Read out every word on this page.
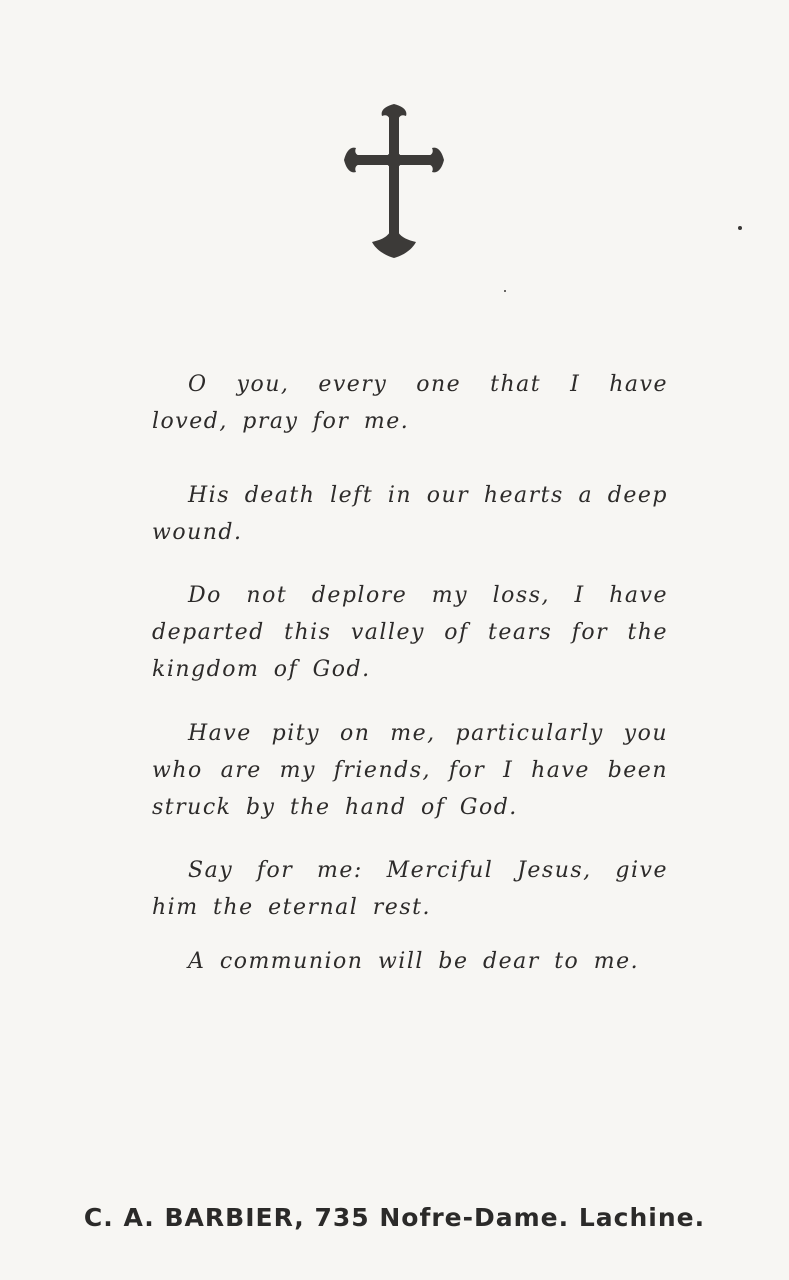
O you, every one that I have loved, pray for me.

His death left in our hearts a deep wound.

Do not deplore my loss, I have departed this valley of tears for the kingdom of God.

Have pity on me, particularly you who are my friends, for I have been struck by the hand of God.

Say for me: Merciful Jesus, give him the eternal rest.

A communion will be dear to me.

C. A. BARBIER, 735 Nofre-Dame. Lachine.
